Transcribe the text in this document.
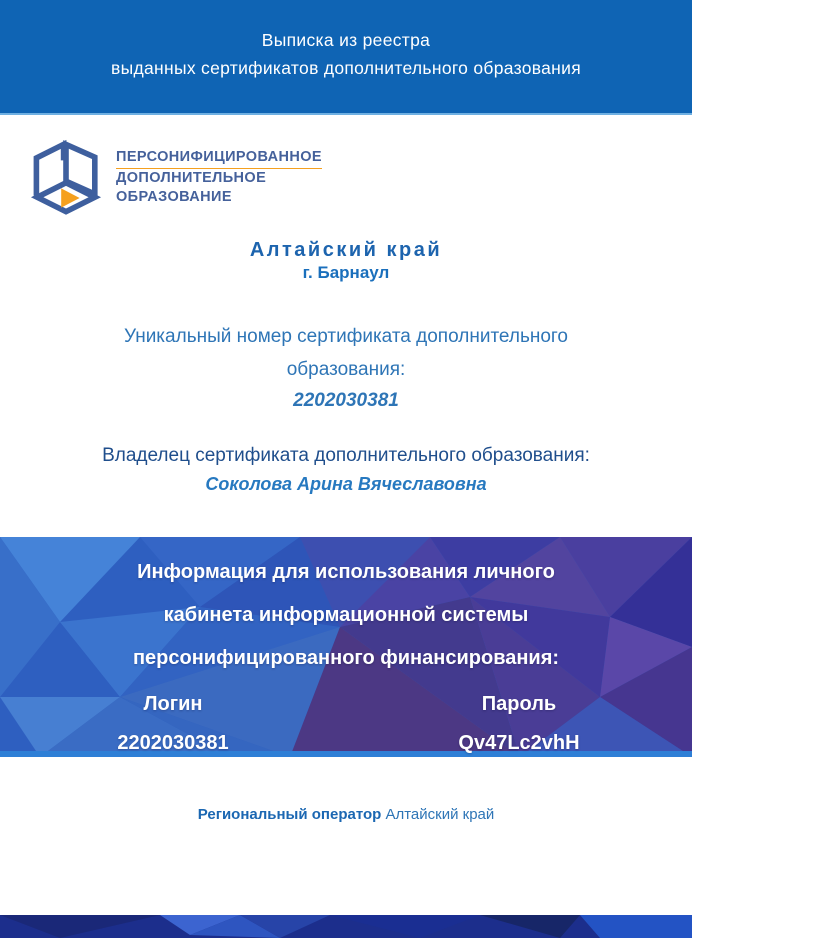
Выписка из реестра
выданных сертификатов дополнительного образования
ПЕРСОНИФИЦИРОВАННОЕ
ДОПОЛНИТЕЛЬНОЕ
ОБРАЗОВАНИЕ
Алтайский край
г. Барнаул
Уникальный номер сертификата дополнительного
образования:
2202030381
Владелец сертификата дополнительного образования:
Соколова Арина Вячеславовна
Информация для использования личного
кабинета информационной системы
персонифицированного финансирования:
Логин
2202030381
Пароль
Qv47Lc2vhH
Региональный оператор Алтайский край
